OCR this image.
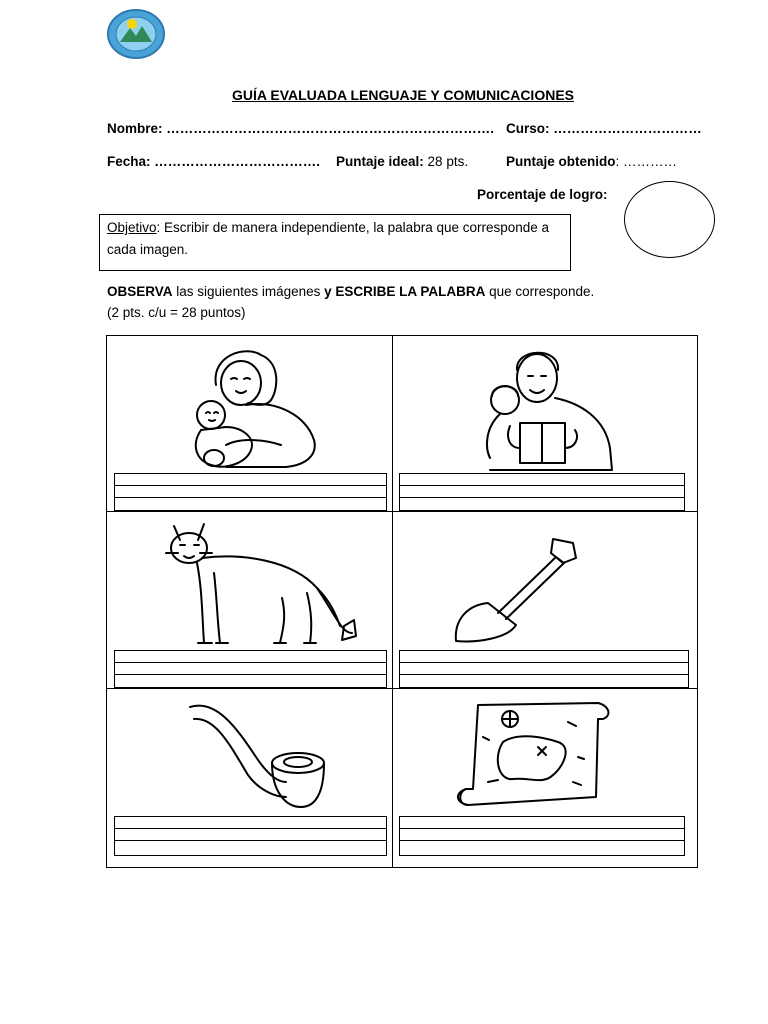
GUÍA EVALUADA LENGUAJE Y COMUNICACIONES
Nombre: ………………………………………………………………. Curso: ……………………………
Fecha: ………………………………. Puntaje ideal: 28 pts.	Puntaje obtenido: …………
Porcentaje de logro:
Objetivo: Escribir de manera independiente, la palabra que corresponde a cada imagen.
OBSERVA las siguientes imágenes y ESCRIBE LA PALABRA que corresponde.
(2 pts. c/u = 28 puntos)
